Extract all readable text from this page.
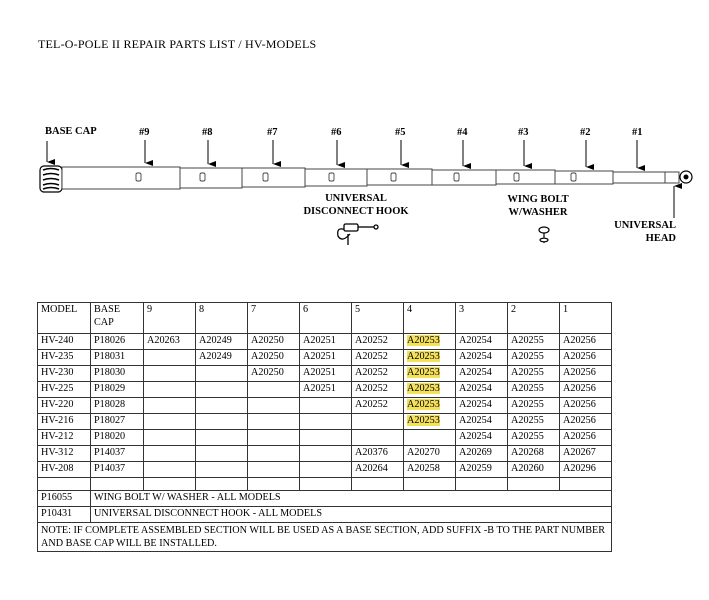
TEL-O-POLE II REPAIR PARTS LIST / HV-MODELS
BASE CAP	#9	#8	#7	#6	#5	#4	#3	#2	#1
UNIVERSAL
DISCONNECT HOOK
WING BOLT
W/WASHER
UNIVERSAL
HEAD
MODEL	BASE CAP	9	8	7	6	5	4	3	2	1
HV-240	P18026	A20263	A20249	A20250	A20251	A20252	A20253	A20254	A20255	A20256
HV-235	P18031		A20249	A20250	A20251	A20252	A20253	A20254	A20255	A20256
HV-230	P18030			A20250	A20251	A20252	A20253	A20254	A20255	A20256
HV-225	P18029				A20251	A20252	A20253	A20254	A20255	A20256
HV-220	P18028					A20252	A20253	A20254	A20255	A20256
HV-216	P18027						A20253	A20254	A20255	A20256
HV-212	P18020							A20254	A20255	A20256
HV-312	P14037					A20376	A20270	A20269	A20268	A20267
HV-208	P14037					A20264	A20258	A20259	A20260	A20296

P16055	WING BOLT W/ WASHER - ALL MODELS									
P10431	UNIVERSAL DISCONNECT HOOK - ALL MODELS									
NOTE: IF COMPLETE ASSEMBLED SECTION WILL BE USED AS A BASE SECTION, ADD SUFFIX -B TO THE PART NUMBER AND BASE CAP WILL BE INSTALLED.										
